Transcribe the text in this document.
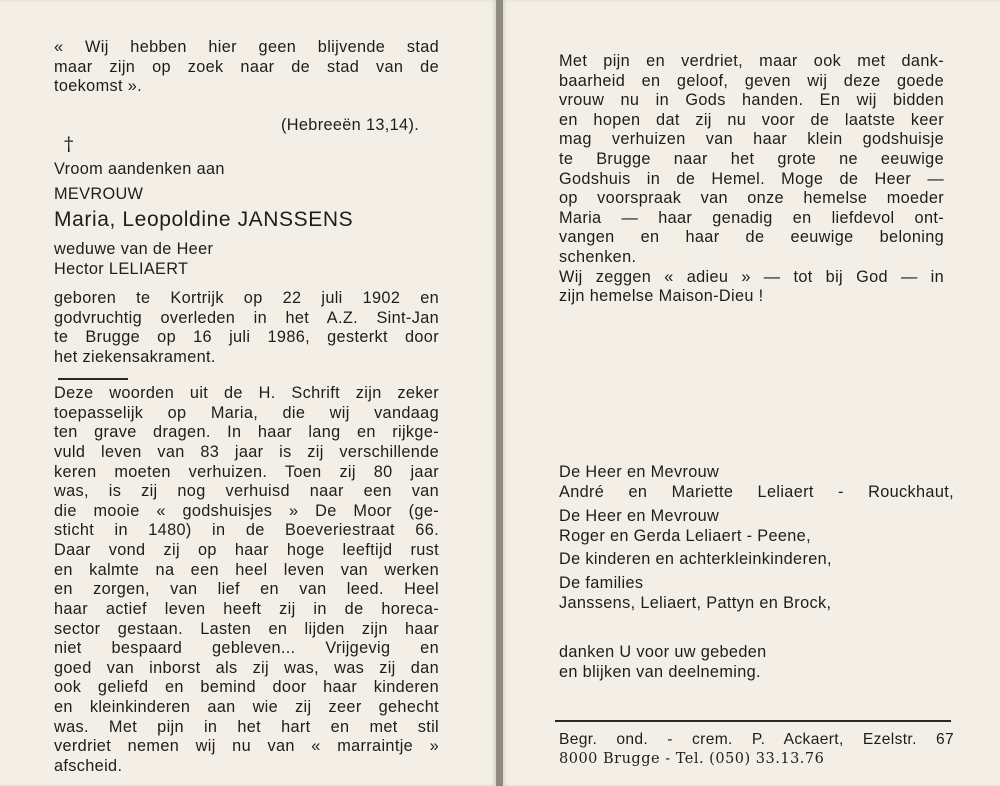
« Wij hebben hier geen blijvende stad
maar zijn op zoek naar de stad van de
toekomst ».
(Hebreeën 13,14).
†
Vroom aandenken aan
MEVROUW
Maria, Leopoldine JANSSENS
weduwe van de Heer
Hector LELIAERT
geboren te Kortrijk op 22 juli 1902 en
godvruchtig overleden in het A.Z. Sint-Jan
te Brugge op 16 juli 1986, gesterkt door
het ziekensakrament.
Deze woorden uit de H. Schrift zijn zeker
toepasselijk op Maria, die wij vandaag
ten grave dragen. In haar lang en rijkge-
vuld leven van 83 jaar is zij verschillende
keren moeten verhuizen. Toen zij 80 jaar
was, is zij nog verhuisd naar een van
die mooie « godshuisjes » De Moor (ge-
sticht in 1480) in de Boeveriestraat 66.
Daar vond zij op haar hoge leeftijd rust
en kalmte na een heel leven van werken
en zorgen, van lief en van leed. Heel
haar actief leven heeft zij in de horeca-
sector gestaan. Lasten en lijden zijn haar
niet bespaard gebleven... Vrijgevig en
goed van inborst als zij was, was zij dan
ook geliefd en bemind door haar kinderen
en kleinkinderen aan wie zij zeer gehecht
was. Met pijn in het hart en met stil
verdriet nemen wij nu van « marraintje »
afscheid.
Met pijn en verdriet, maar ook met dank-
baarheid en geloof, geven wij deze goede
vrouw nu in Gods handen. En wij bidden
en hopen dat zij nu voor de laatste keer
mag verhuizen van haar klein godshuisje
te Brugge naar het grote ne eeuwige
Godshuis in de Hemel. Moge de Heer —
op voorspraak van onze hemelse moeder
Maria — haar genadig en liefdevol ont-
vangen en haar de eeuwige beloning
schenken.
Wij zeggen « adieu » — tot bij God — in
zijn hemelse Maison-Dieu !
De Heer en Mevrouw
André en Mariette Leliaert - Rouckhaut,
De Heer en Mevrouw
Roger en Gerda Leliaert - Peene,
De kinderen en achterkleinkinderen,
De families
Janssens, Leliaert, Pattyn en Brock,
danken U voor uw gebeden
en blijken van deelneming.
Begr. ond. - crem. P. Ackaert, Ezelstr. 67
8000 Brugge - Tel. (050) 33.13.76
